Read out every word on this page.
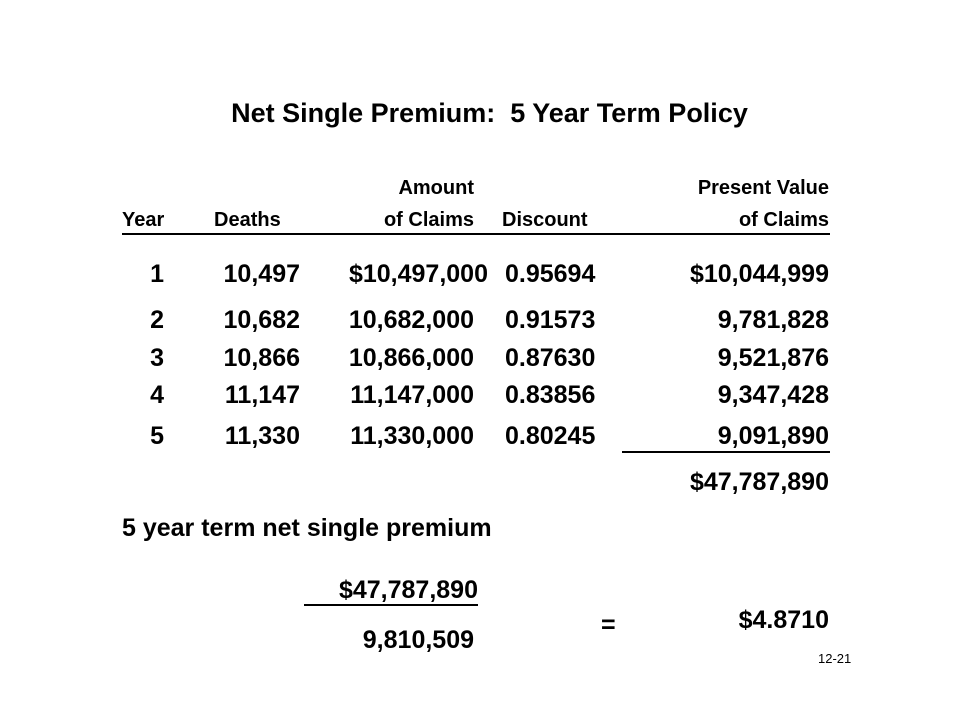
Net Single Premium:  5 Year Term Policy
Amount	Present Value
Year Deaths	of Claims Discount	of Claims
1	10,497	$10,497,000 0.95694	$10,044,999
2	10,682	10,682,000 0.91573	9,781,828
3	10,866	10,866,000 0.87630	9,521,876
4	11,147	11,147,000 0.83856	9,347,428
5	11,330	11,330,000 0.80245	9,091,890
$47,787,890
5 year term net single premium
$47,787,890
9,810,509
=	$4.8710
12-21
